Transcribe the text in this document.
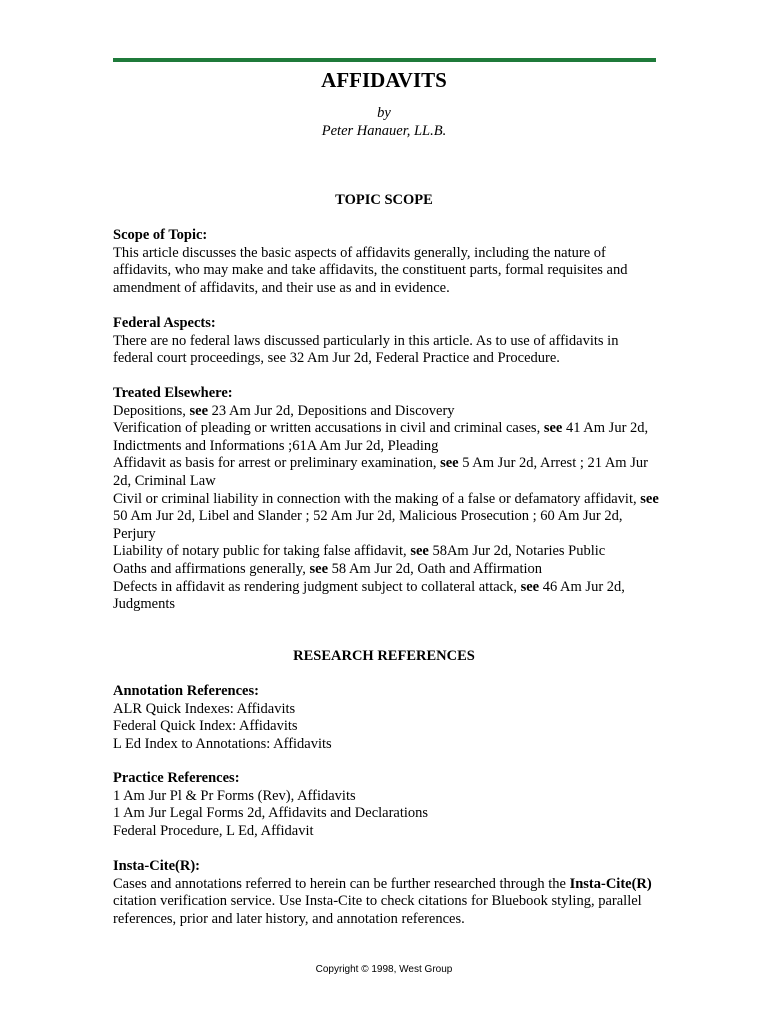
AFFIDAVITS
by
Peter Hanauer, LL.B.
TOPIC SCOPE
Scope of Topic:
This article discusses the basic aspects of affidavits generally, including the nature of affidavits, who may make and take affidavits, the constituent parts, formal requisites and amendment of affidavits, and their use as and in evidence.
Federal Aspects:
There are no federal laws discussed particularly in this article. As to use of affidavits in federal court proceedings, see 32 Am Jur 2d, Federal Practice and Procedure.
Treated Elsewhere:
Depositions, see 23 Am Jur 2d, Depositions and Discovery
Verification of pleading or written accusations in civil and criminal cases, see 41 Am Jur 2d, Indictments and Informations ;61A Am Jur 2d, Pleading
Affidavit as basis for arrest or preliminary examination, see 5 Am Jur 2d, Arrest ; 21 Am Jur 2d, Criminal Law
Civil or criminal liability in connection with the making of a false or defamatory affidavit, see 50 Am Jur 2d, Libel and Slander ; 52 Am Jur 2d, Malicious Prosecution ; 60 Am Jur 2d, Perjury
Liability of notary public for taking false affidavit, see 58Am Jur 2d, Notaries Public
Oaths and affirmations generally, see 58 Am Jur 2d, Oath and Affirmation
Defects in affidavit as rendering judgment subject to collateral attack, see 46 Am Jur 2d, Judgments
RESEARCH REFERENCES
Annotation References:
ALR Quick Indexes: Affidavits
Federal Quick Index: Affidavits
L Ed Index to Annotations: Affidavits
Practice References:
1 Am Jur Pl & Pr Forms (Rev), Affidavits
1 Am Jur Legal Forms 2d, Affidavits and Declarations
Federal Procedure, L Ed, Affidavit
Insta-Cite(R):
Cases and annotations referred to herein can be further researched through the Insta-Cite(R) citation verification service. Use Insta-Cite to check citations for Bluebook styling, parallel references, prior and later history, and annotation references.
Copyright © 1998, West Group
